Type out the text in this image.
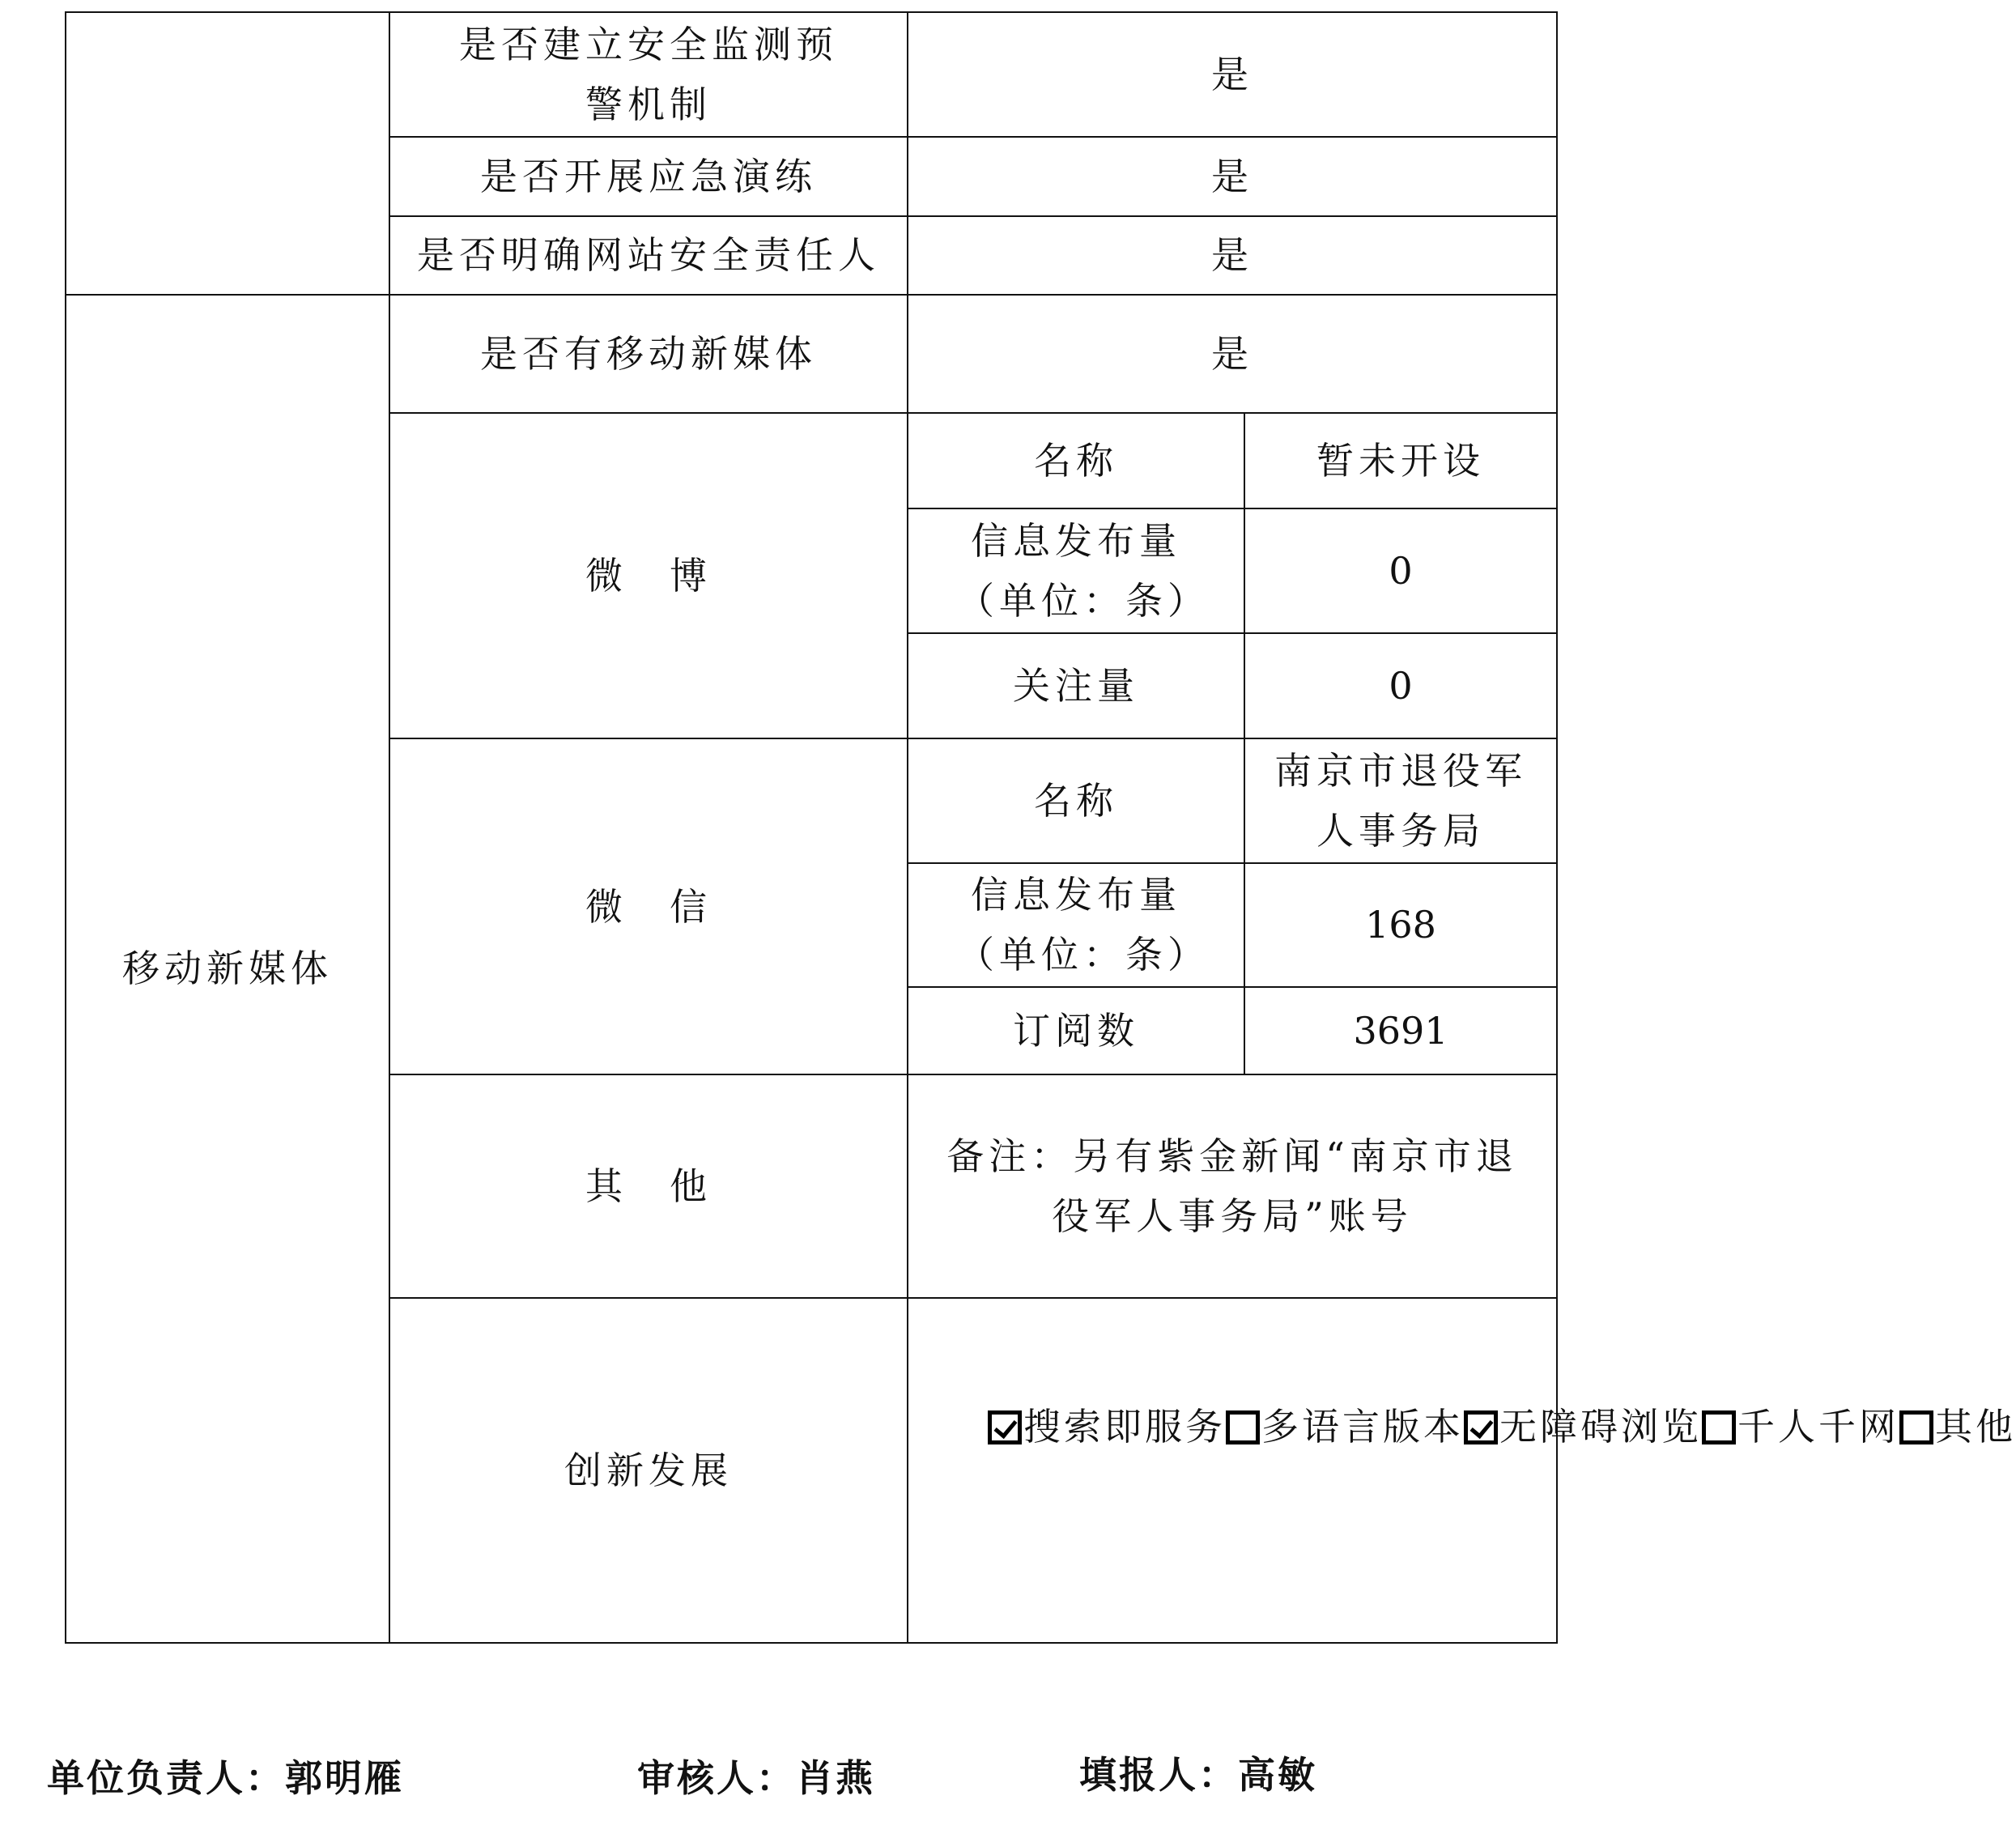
	是否建立安全监测预警机制	是	
	是否开展应急演练	是	
	是否明确网站安全责任人	是	
移动新媒体	是否有移动新媒体	是	
	微　博	名称	暂未开设
		信息发布量（单位：条）	0
		关注量	0
	微　信	名称	南京市退役军人事务局
		信息发布量（单位：条）	168
		订阅数	3691
	其　他	备注：另有紫金新闻“南京市退役军人事务局”账号	
	创新发展	搜索即服务 多语言版本 无障碍浏览 千人千网 其他	
单位负责人：郭明雁	审核人：肖燕	填报人：高敏
